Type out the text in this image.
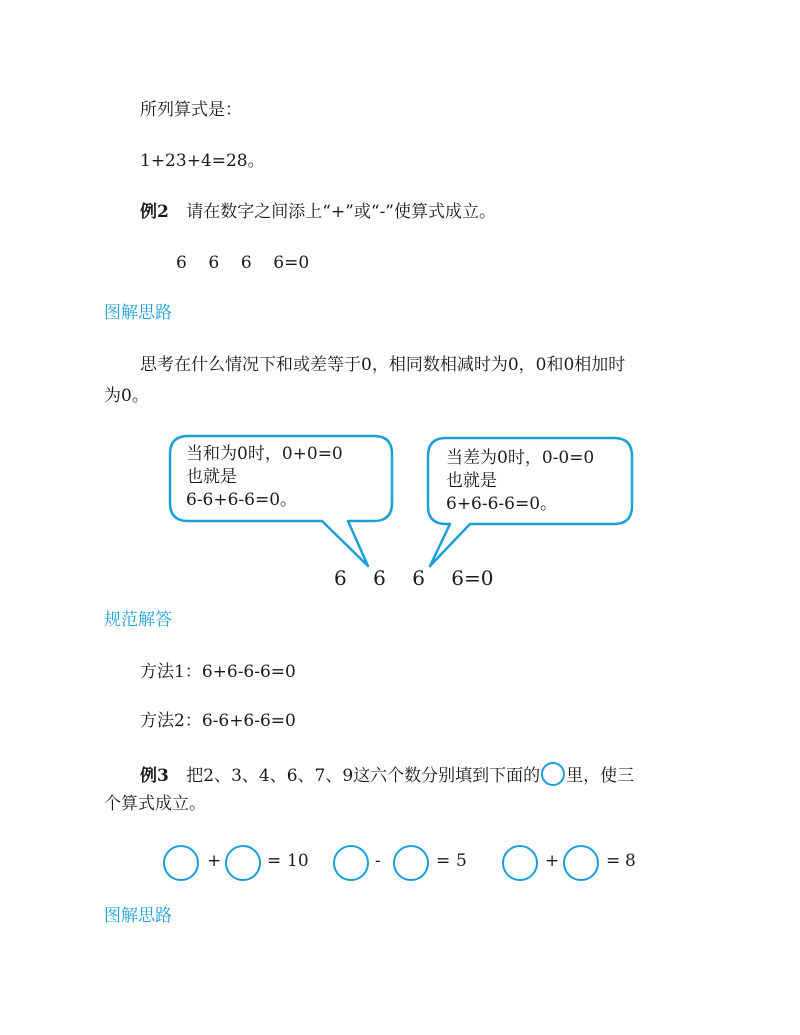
所列算式是：
1+23+4=28。
例2 请在数字之间添上“+”或“-”使算式成立。
6    6    6    6=0
图解思路
思考在什么情况下和或差等于0，相同数相减时为0，0和0相加时
为0。
当和为0时，0+0=0
也就是
6-6+6-6=0。
当差为0时，0-0=0
也就是
6+6-6-6=0。
6 6 6 6=0
规范解答
方法1：6+6-6-6=0
方法2：6-6+6-6=0
例3 把2、3、4、6、7、9这六个数分别填到下面的 里，使三
个算式成立。
+	= 10	-	= 5	+	= 8
图解思路
